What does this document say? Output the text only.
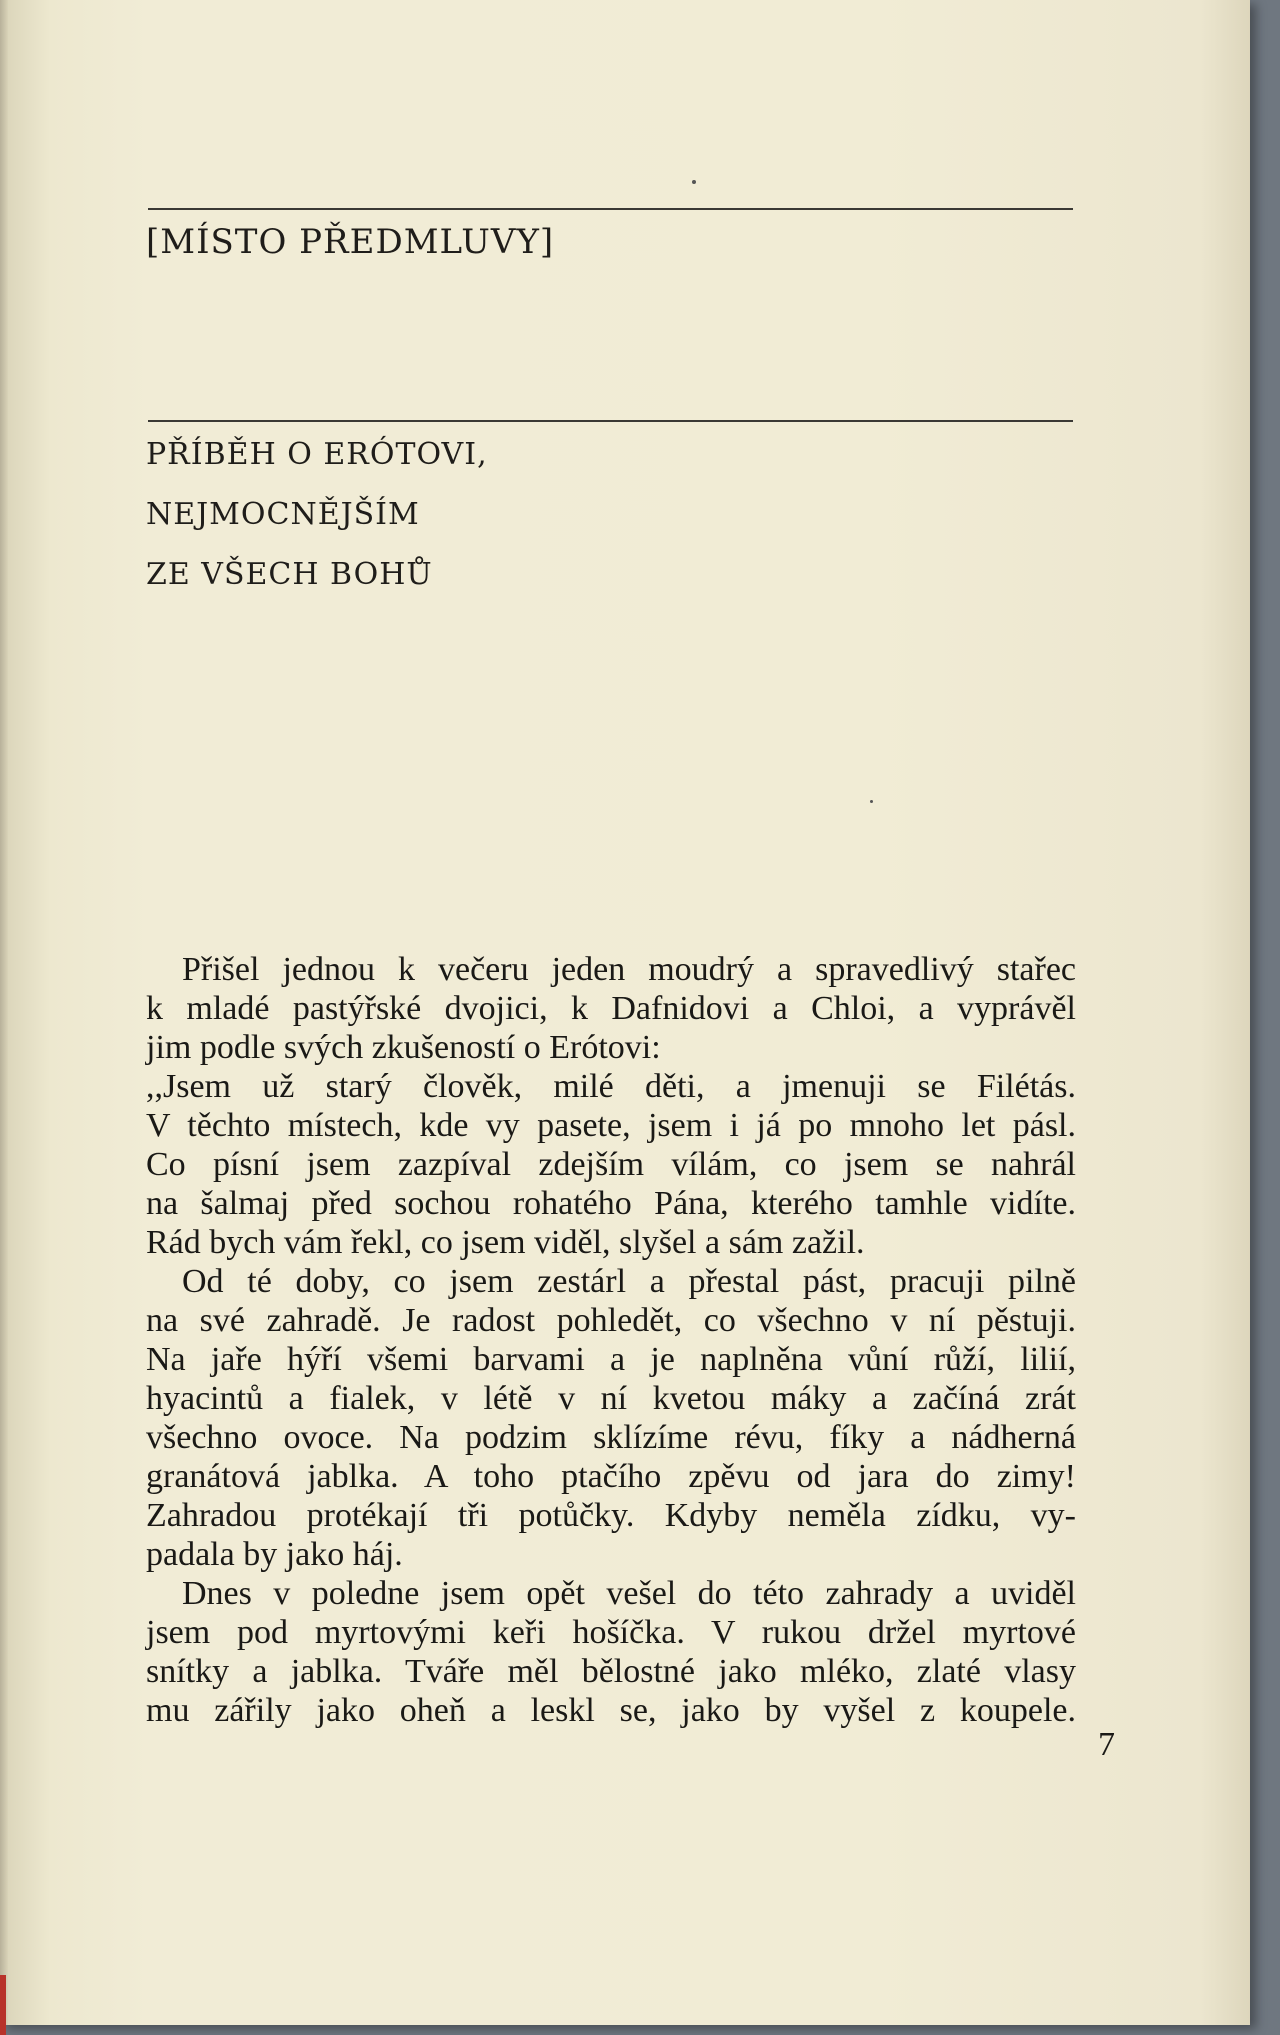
[MÍSTO PŘEDMLUVY]
PŘÍBĚH O ERÓTOVI,
NEJMOCNĚJŠÍM
ZE VŠECH BOHŮ
Přišel jednou k večeru jeden moudrý a spravedlivý stařec
k mladé pastýřské dvojici, k Dafnidovi a Chloi, a vyprávěl
jim podle svých zkušeností o Erótovi:
,,Jsem už starý člověk, milé děti, a jmenuji se Filétás.
V těchto místech, kde vy pasete, jsem i já po mnoho let pásl.
Co písní jsem zazpíval zdejším vílám, co jsem se nahrál
na šalmaj před sochou rohatého Pána, kterého tamhle vidíte.
Rád bych vám řekl, co jsem viděl, slyšel a sám zažil.
Od té doby, co jsem zestárl a přestal pást, pracuji pilně
na své zahradě. Je radost pohledět, co všechno v ní pěstuji.
Na jaře hýří všemi barvami a je naplněna vůní růží, lilií,
hyacintů a fialek, v létě v ní kvetou máky a začíná zrát
všechno ovoce. Na podzim sklízíme révu, fíky a nádherná
granátová jablka. A toho ptačího zpěvu od jara do zimy!
Zahradou protékají tři potůčky. Kdyby neměla zídku, vy-
padala by jako háj.
Dnes v poledne jsem opět vešel do této zahrady a uviděl
jsem pod myrtovými keři hošíčka. V rukou držel myrtové
snítky a jablka. Tváře měl bělostné jako mléko, zlaté vlasy
mu zářily jako oheň a leskl se, jako by vyšel z koupele.
7
